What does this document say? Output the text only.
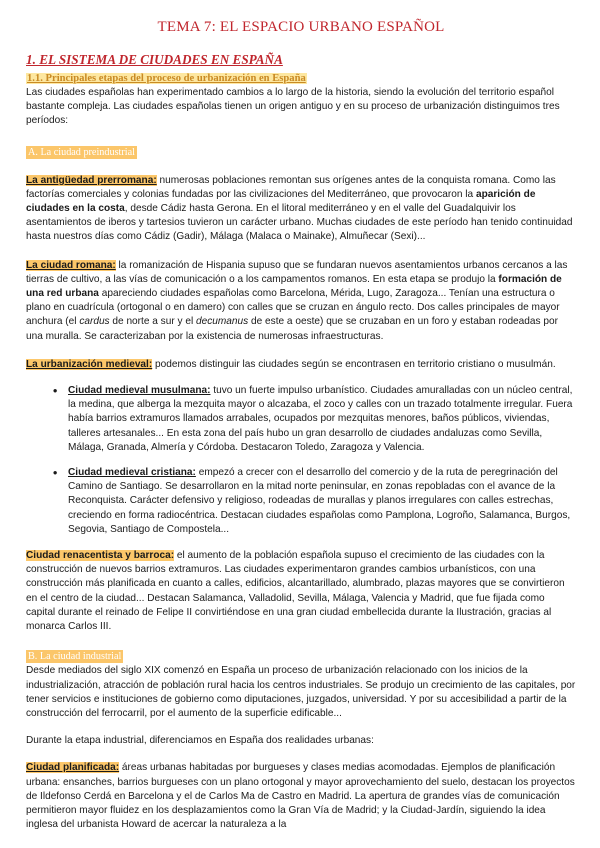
TEMA 7: EL ESPACIO URBANO ESPAÑOL
1. EL SISTEMA DE CIUDADES EN ESPAÑA
1.1. Principales etapas del proceso de urbanización en España

Las ciudades españolas han experimentado cambios a lo largo de la historia, siendo la evolución del territorio español bastante compleja. Las ciudades españolas tienen un origen antiguo y en su proceso de urbanización distinguimos tres períodos:

A. La ciudad preindustrial

La antigüedad prerromana: numerosas poblaciones remontan sus orígenes antes de la conquista romana. Como las factorías comerciales y colonias fundadas por las civilizaciones del Mediterráneo, que provocaron la aparición de ciudades en la costa, desde Cádiz hasta Gerona. En el litoral mediterráneo y en el valle del Guadalquivir los asentamientos de iberos y tartesios tuvieron un carácter urbano. Muchas ciudades de este período han tenido continuidad hasta nuestros días como Cádiz (Gadir), Málaga (Malaca o Mainake), Almuñecar (Sexi)...

La ciudad romana: la romanización de Hispania supuso que se fundaran nuevos asentamientos urbanos cercanos a las tierras de cultivo, a las vías de comunicación o a los campamentos romanos. En esta etapa se produjo la formación de una red urbana apareciendo ciudades españolas como Barcelona, Mérida, Lugo, Zaragoza... Tenían una estructura o plano en cuadrícula (ortogonal o en damero) con calles que se cruzan en ángulo recto. Dos calles principales de mayor anchura (el cardus de norte a sur y el decumanus de este a oeste) que se cruzaban en un foro y estaban rodeadas por una muralla. Se caracterizaban por la existencia de numerosas infraestructuras.

La urbanización medieval: podemos distinguir las ciudades según se encontrasen en territorio cristiano o musulmán.

• Ciudad medieval musulmana: tuvo un fuerte impulso urbanístico. Ciudades amuralladas con un núcleo central, la medina, que alberga la mezquita mayor o alcazaba, el zoco y calles con un trazado totalmente irregular. Fuera había barrios extramuros llamados arrabales, ocupados por mezquitas menores, baños públicos, viviendas, talleres artesanales... En esta zona del país hubo un gran desarrollo de ciudades andaluzas como Sevilla, Málaga, Granada, Almería y Córdoba. Destacaron Toledo, Zaragoza y Valencia.
• Ciudad medieval cristiana: empezó a crecer con el desarrollo del comercio y de la ruta de peregrinación del Camino de Santiago. Se desarrollaron en la mitad norte peninsular, en zonas repobladas con el avance de la Reconquista. Carácter defensivo y religioso, rodeadas de murallas y planos irregulares con calles estrechas, creciendo en forma radiocéntrica. Destacan ciudades españolas como Pamplona, Logroño, Salamanca, Burgos, Segovia, Santiago de Compostela...

Ciudad renacentista y barroca: el aumento de la población española supuso el crecimiento de las ciudades con la construcción de nuevos barrios extramuros. Las ciudades experimentaron grandes cambios urbanísticos, con una construcción más planificada en cuanto a calles, edificios, alcantarillado, alumbrado, plazas mayores que se convirtieron en el centro de la ciudad... Destacan Salamanca, Valladolid, Sevilla, Málaga, Valencia y Madrid, que fue fijada como capital durante el reinado de Felipe II convirtiéndose en una gran ciudad embellecida durante la Ilustración, gracias al monarca Carlos III.

B. La ciudad industrial

Desde mediados del siglo XIX comenzó en España un proceso de urbanización relacionado con los inicios de la industrialización, atracción de población rural hacia los centros industriales. Se produjo un crecimiento de las capitales, por tener servicios e instituciones de gobierno como diputaciones, juzgados, universidad. Y por su accesibilidad a partir de la construcción del ferrocarril, por el aumento de la superficie edificable...

Durante la etapa industrial, diferenciamos en España dos realidades urbanas:

Ciudad planificada: áreas urbanas habitadas por burgueses y clases medias acomodadas. Ejemplos de planificación urbana: ensanches, barrios burgueses con un plano ortogonal y mayor aprovechamiento del suelo, destacan los proyectos de Ildefonso Cerdá en Barcelona y el de Carlos Ma de Castro en Madrid. La apertura de grandes vías de comunicación permitieron mayor fluidez en los desplazamientos como la Gran Vía de Madrid; y la Ciudad-Jardín, siguiendo la idea inglesa del urbanista Howard de acercar la naturaleza a la
